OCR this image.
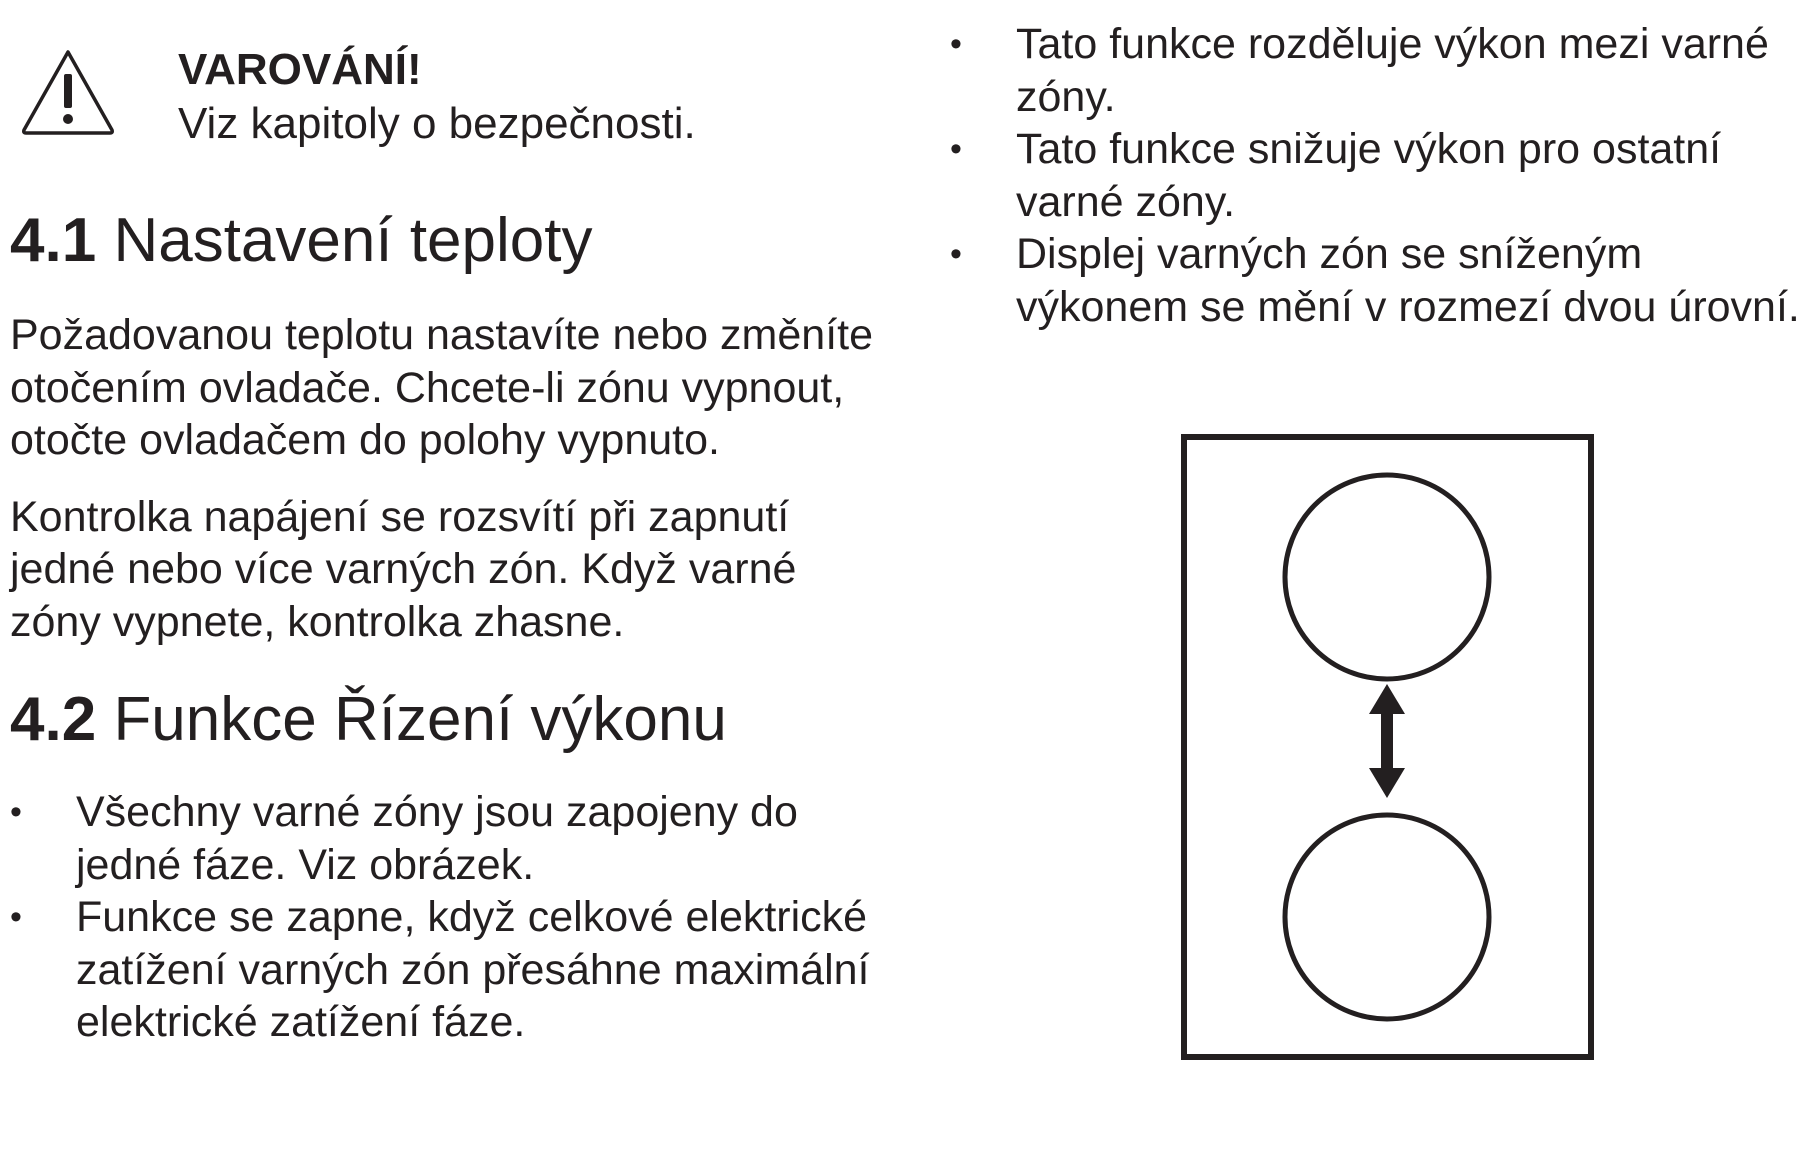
VAROVÁNÍ!

Viz kapitoly o bezpečnosti.

4.1 Nastavení teploty

Požadovanou teplotu nastavíte nebo změníte otočením ovladače. Chcete-li zónu vypnout, otočte ovladačem do polohy vypnuto.

Kontrolka napájení se rozsvítí při zapnutí jedné nebo více varných zón. Když varné zóny vypnete, kontrolka zhasne.

4.2 Funkce Řízení výkonu
• Všechny varné zóny jsou zapojeny do jedné fáze. Viz obrázek.
• Funkce se zapne, když celkové elektrické zatížení varných zón přesáhne maximální elektrické zatížení fáze.
• Tato funkce rozděluje výkon mezi varné zóny.
• Tato funkce snižuje výkon pro ostatní varné zóny.
• Displej varných zón se sníženým výkonem se mění v rozmezí dvou úrovní.
